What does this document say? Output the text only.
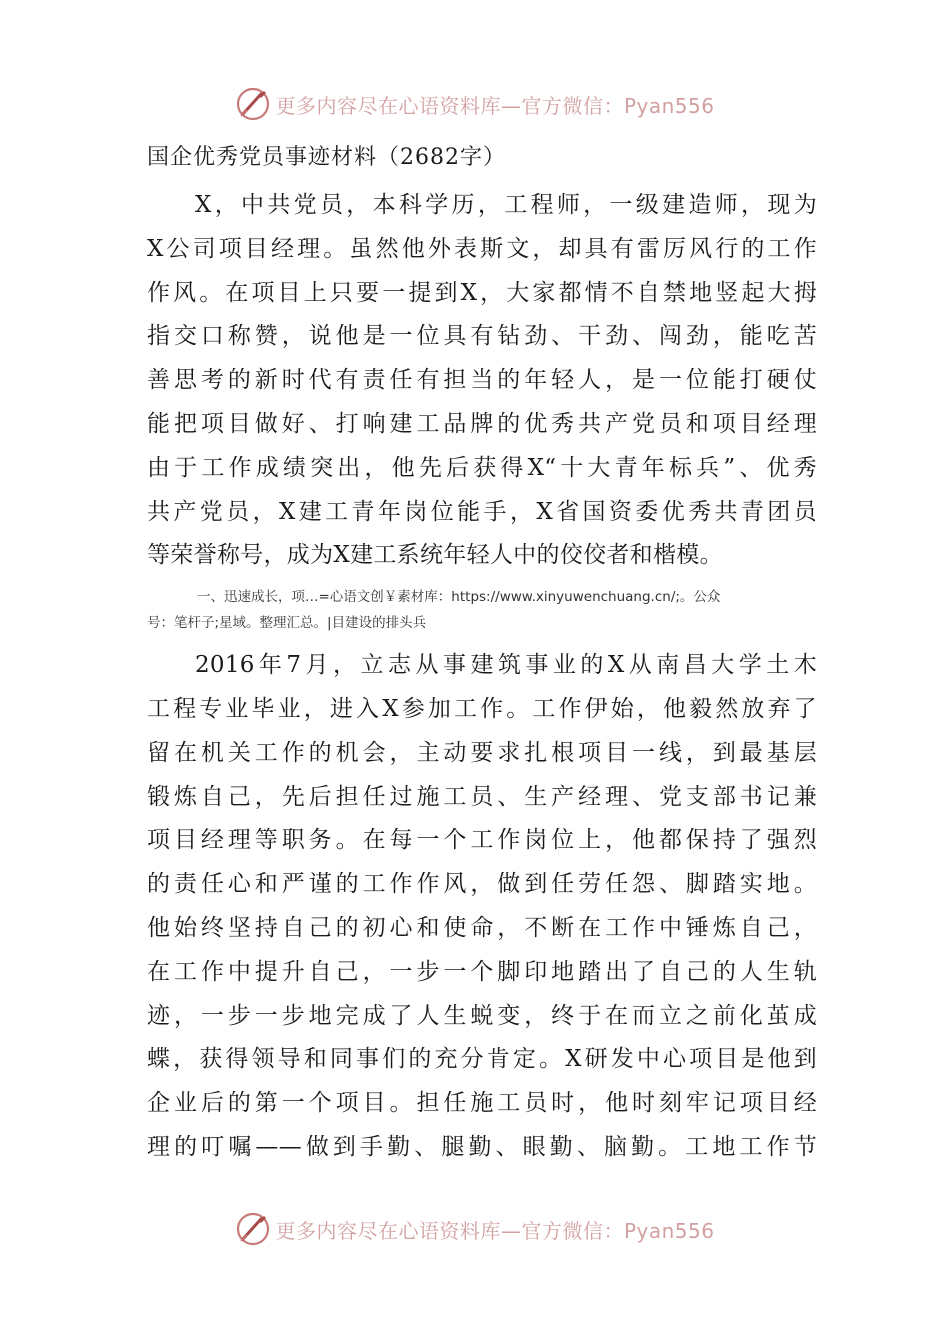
更多内容尽在心语资料库—官方微信：Pyan556
国企优秀党员事迹材料（2682字）
X，中共党员，本科学历，工程师，一级建造师，现为
X公司项目经理。虽然他外表斯文，却具有雷厉风行的工作
作风。在项目上只要一提到X，大家都情不自禁地竖起大拇
指交口称赞，说他是一位具有钻劲、干劲、闯劲，能吃苦
善思考的新时代有责任有担当的年轻人，是一位能打硬仗
能把项目做好、打响建工品牌的优秀共产党员和项目经理
由于工作成绩突出，他先后获得X“十大青年标兵”、优秀
共产党员，X建工青年岗位能手，X省国资委优秀共青团员
等荣誉称号，成为X建工系统年轻人中的佼佼者和楷模。
一、迅速成长，项…=心语文创￥素材库：https://www.xinyuwenchuang.cn/;。公众
号：笔杆子;星域。整理汇总。|目建设的排头兵
2016年7月，立志从事建筑事业的X从南昌大学土木
工程专业毕业，进入X参加工作。工作伊始，他毅然放弃了
留在机关工作的机会，主动要求扎根项目一线，到最基层
锻炼自己，先后担任过施工员、生产经理、党支部书记兼
项目经理等职务。在每一个工作岗位上，他都保持了强烈
的责任心和严谨的工作作风，做到任劳任怨、脚踏实地。
他始终坚持自己的初心和使命，不断在工作中锤炼自己，
在工作中提升自己，一步一个脚印地踏出了自己的人生轨
迹，一步一步地完成了人生蜕变，终于在而立之前化茧成
蝶，获得领导和同事们的充分肯定。X研发中心项目是他到
企业后的第一个项目。担任施工员时，他时刻牢记项目经
理的叮嘱——做到手勤、腿勤、眼勤、脑勤。工地工作节
更多内容尽在心语资料库—官方微信：Pyan556
